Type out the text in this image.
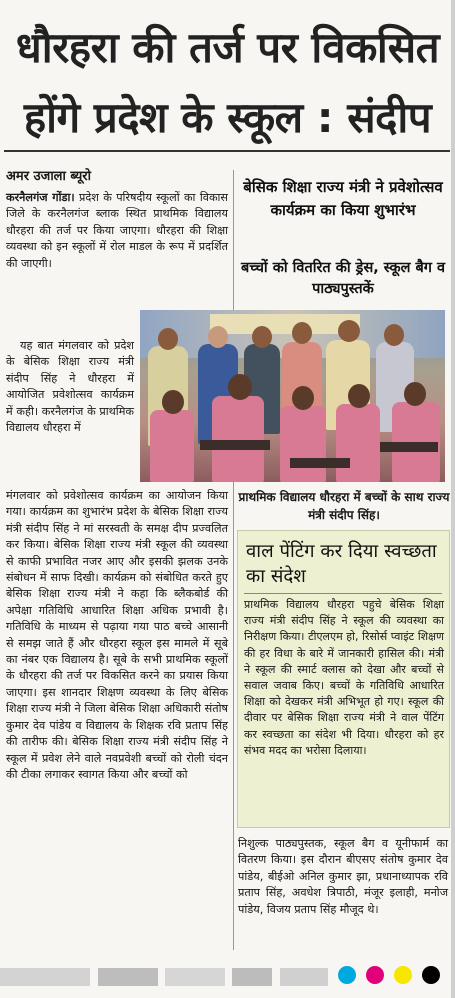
धौरहरा की तर्ज पर विकसित
होंगे प्रदेश के स्कूल : संदीप
अमर उजाला ब्यूरो

करनैलगंज गोंडा। प्रदेश के परिषदीय स्कूलों का विकास जिले के करनैलगंज ब्लाक स्थित प्राथमिक विद्यालय धौरहरा की तर्ज पर किया जाएगा। धौरहरा की शिक्षा व्यवस्था को इन स्कूलों में रोल माडल के रूप में प्रदर्शित की जाएगी।

यह बात मंगलवार को प्रदेश के बेसिक शिक्षा राज्य मंत्री संदीप सिंह ने धौरहरा में आयोजित प्रवेशोत्सव कार्यक्रम में कही। करनैलगंज के प्राथमिक विद्यालय धौरहरा में

मंगलवार को प्रवेशोत्सव कार्यक्रम का आयोजन किया गया। कार्यक्रम का शुभारंभ प्रदेश के बेसिक शिक्षा राज्य मंत्री संदीप सिंह ने मां सरस्वती के समक्ष दीप प्रज्वलित कर किया। बेसिक शिक्षा राज्य मंत्री स्कूल की व्यवस्था से काफी प्रभावित नजर आए और इसकी झलक उनके संबोधन में साफ दिखी। कार्यक्रम को संबोधित करते हुए बेसिक शिक्षा राज्य मंत्री ने कहा कि ब्लैकबोर्ड की अपेक्षा गतिविधि आधारित शिक्षा अधिक प्रभावी है। गतिविधि के माध्यम से पढ़ाया गया पाठ बच्चे आसानी से समझ जाते हैं और धौरहरा स्कूल इस मामले में सूबे का नंबर एक विद्यालय है। सूबे के सभी प्राथमिक स्कूलों के धौरहरा की तर्ज पर विकसित करने का प्रयास किया जाएगा। इस शानदार शिक्षण व्यवस्था के लिए बेसिक शिक्षा राज्य मंत्री ने जिला बेसिक शिक्षा अधिकारी संतोष कुमार देव पांडेय व विद्यालय के शिक्षक रवि प्रताप सिंह की तारीफ की। बेसिक शिक्षा राज्य मंत्री संदीप सिंह ने स्कूल में प्रवेश लेने वाले नवप्रवेशी बच्चों को रोली चंदन की टीका लगाकर स्वागत किया और बच्चों को

बेसिक शिक्षा राज्य मंत्री ने प्रवेशोत्सव कार्यक्रम का किया शुभारंभ
बच्चों को वितरित की ड्रेस, स्कूल बैग व पाठ्यपुस्तकें
प्राथमिक विद्यालय धौरहरा में बच्चों के साथ राज्य मंत्री संदीप सिंह।
वाल पेंटिंग कर दिया स्वच्छता का संदेश
प्राथमिक विद्यालय धौरहरा पहुचे बेसिक शिक्षा राज्य मंत्री संदीप सिंह ने स्कूल की व्यवस्था का निरीक्षण किया। टीएलएम हो, रिसोर्स प्वाइंट शिक्षण की हर विधा के बारे में जानकारी हासिल की। मंत्री ने स्कूल की स्मार्ट क्लास को देखा और बच्चों से सवाल जवाब किए। बच्चों के गतिविधि आधारित शिक्षा को देखकर मंत्री अभिभूत हो गए। स्कूल की दीवार पर बेसिक शिक्षा राज्य मंत्री ने वाल पेंटिंग कर स्वच्छता का संदेश भी दिया। धौरहरा को हर संभव मदद का भरोसा दिलाया।

निशुल्क पाठ्यपुस्तक, स्कूल बैग व यूनीफार्म का वितरण किया। इस दौरान बीएसए संतोष कुमार देव पांडेय, बीईओ अनिल कुमार झा, प्रधानाध्यापक रवि प्रताप सिंह, अवधेश त्रिपाठी, मंजूर इलाही, मनोज पांडेय, विजय प्रताप सिंह मौजूद थे।
